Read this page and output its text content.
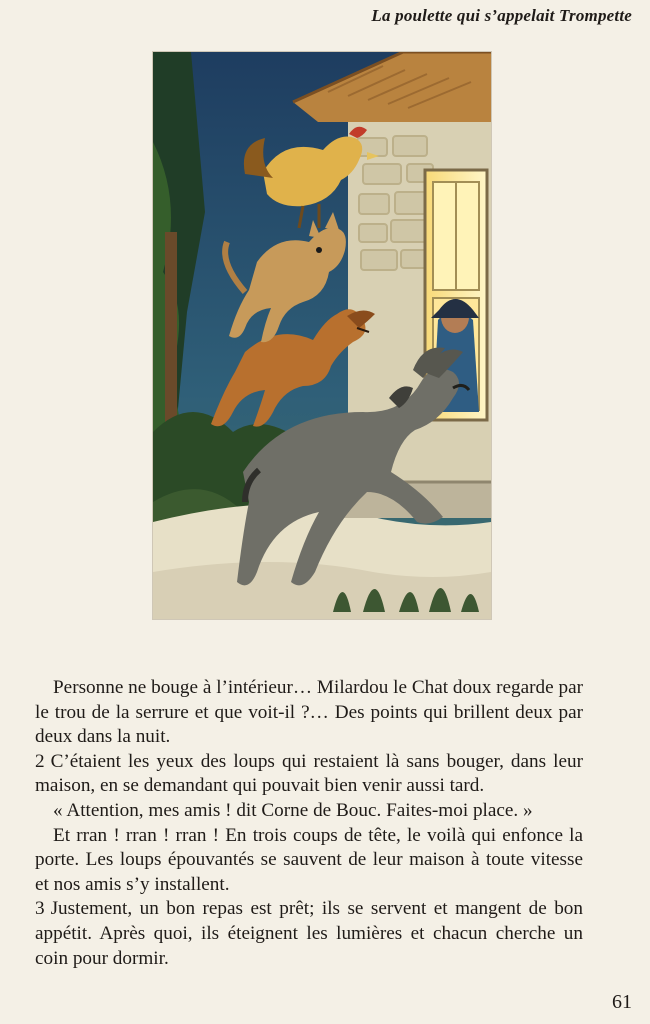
La poulette qui s’appelait Trompette

Personne ne bouge à l’intérieur… Milardou le Chat doux regarde par le trou de la serrure et que voit-il ?… Des points qui brillent deux par deux dans la nuit.

2 C’étaient les yeux des loups qui restaient là sans bouger, dans leur maison, en se demandant qui pouvait bien venir aussi tard.

« Attention, mes amis ! dit Corne de Bouc. Faites-moi place. »

Et rran ! rran ! rran ! En trois coups de tête, le voilà qui enfonce la porte. Les loups épouvantés se sauvent de leur maison à toute vitesse et nos amis s’y installent.

3 Justement, un bon repas est prêt; ils se servent et mangent de bon appétit. Après quoi, ils éteignent les lumières et chacun cherche un coin pour dormir.

61
